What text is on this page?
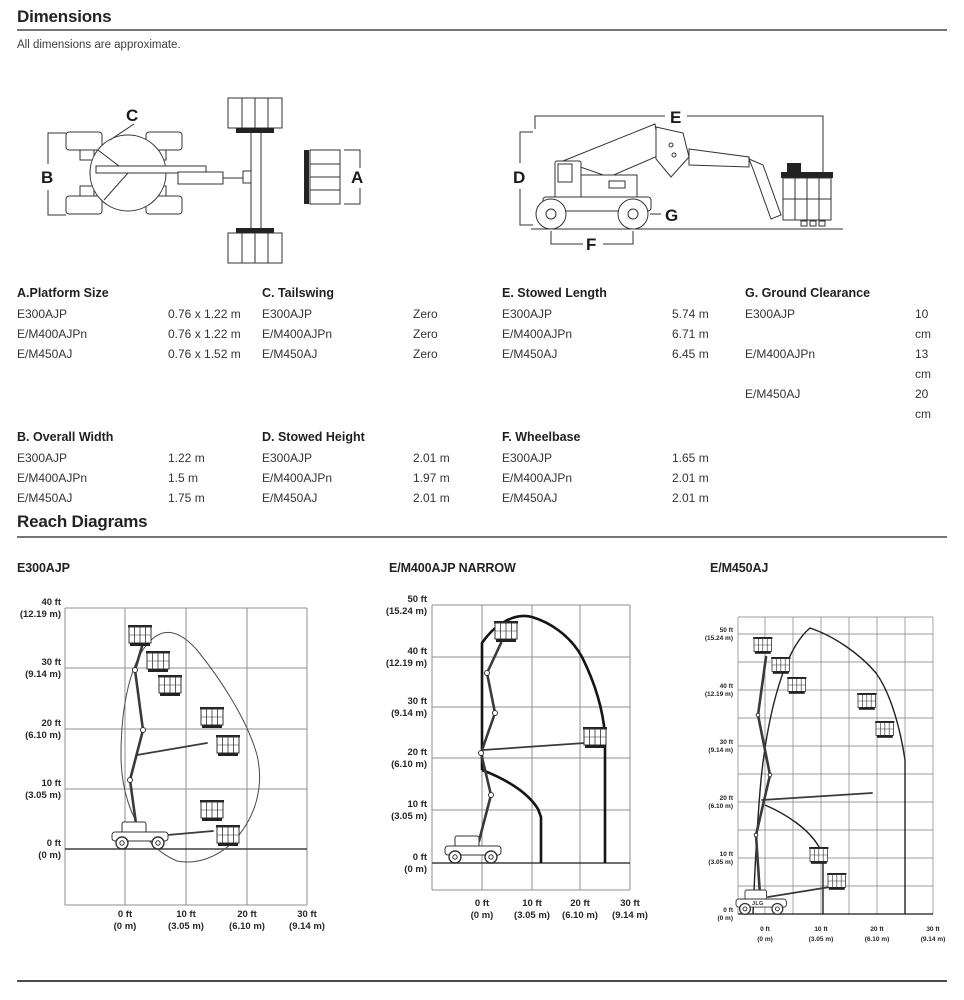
Dimensions
All dimensions are approximate.
B
C
A
E
D
G
F
A.Platform Size
E300AJP	0.76 x 1.22 m
E/M400AJPn	0.76 x 1.22 m
E/M450AJ	0.76 x 1.52 m
C. Tailswing
E300AJP	Zero
E/M400AJPn	Zero
E/M450AJ	Zero
E. Stowed Length
E300AJP	5.74 m
E/M400AJPn	6.71 m
E/M450AJ	6.45 m
G. Ground Clearance
E300AJP	10 cm
E/M400AJPn	13 cm
E/M450AJ	20 cm
B. Overall Width
E300AJP	1.22 m
E/M400AJPn	1.5 m
E/M450AJ	1.75 m
D. Stowed Height
E300AJP	2.01 m
E/M400AJPn	1.97 m
E/M450AJ	2.01 m
F. Wheelbase
E300AJP	1.65 m
E/M400AJPn	2.01 m
E/M450AJ	2.01 m
Reach Diagrams
E300AJP	E/M400AJP NARROW	E/M450AJ
40 ft
(12.19 m)
30 ft
(9.14 m)
20 ft
(6.10 m)
10 ft
(3.05 m)
0 ft
(0 m)
0 ft
(0 m)
10 ft
(3.05 m)
20 ft
(6.10 m)
30 ft
(9.14 m)
50 ft
(15.24 m)
40 ft
(12.19 m)
30 ft
(9.14 m)
20 ft
(6.10 m)
10 ft
(3.05 m)
0 ft
(0 m)
0 ft
(0 m)
10 ft
(3.05 m)
20 ft
(6.10 m)
30 ft
(9.14 m)
50 ft
(15.24 m)
40 ft
(12.19 m)
30 ft
(9.14 m)
20 ft
(6.10 m)
10 ft
(3.05 m)
0 ft
(0 m)
0 ft
(0 m)
10 ft
(3.05 m)
20 ft
(6.10 m)
30 ft
(9.14 m)
JLG
